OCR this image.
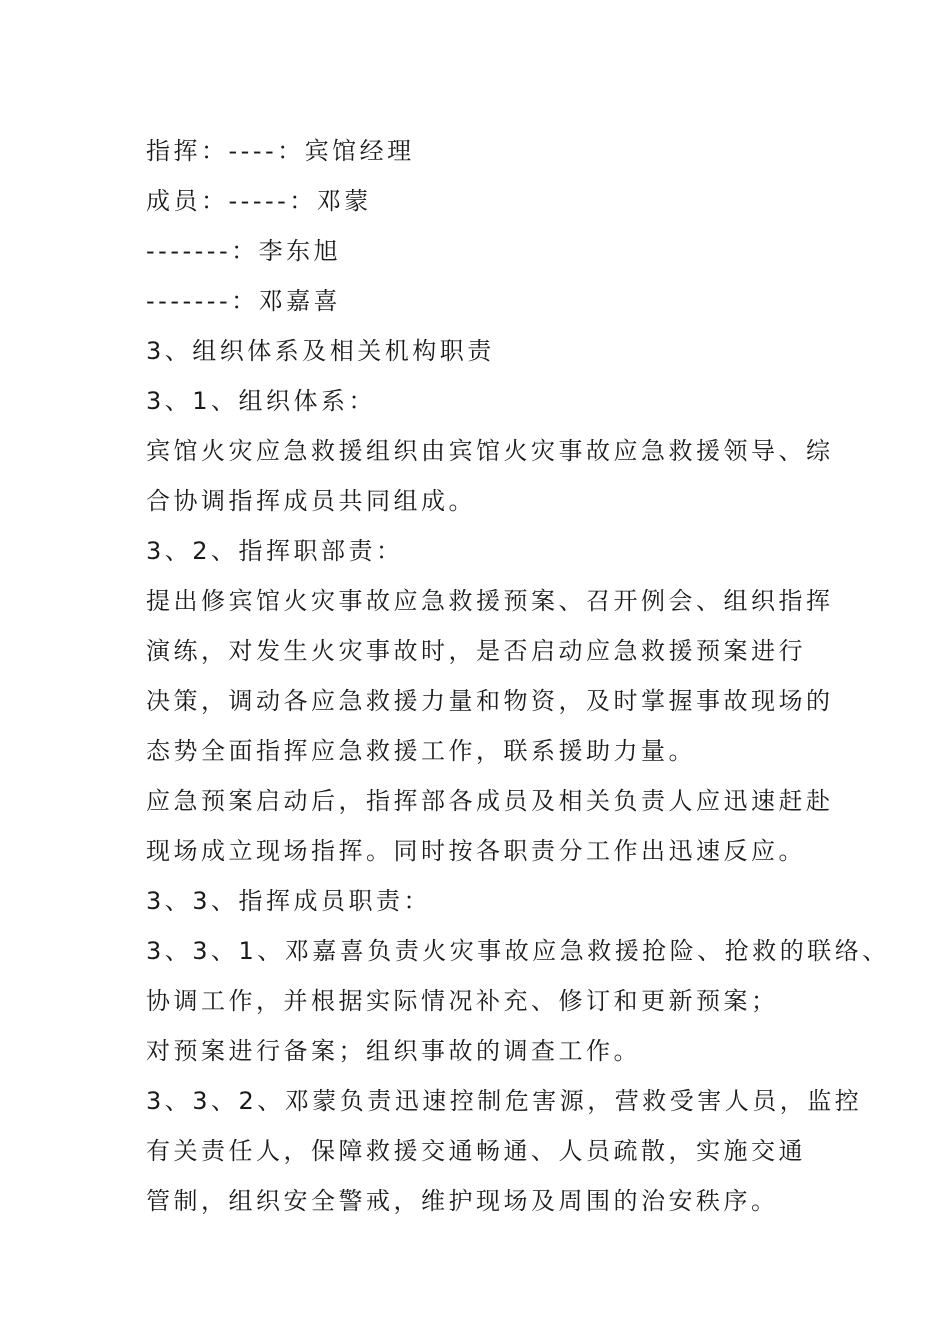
指挥：----：宾馆经理
成员：-----：邓蒙
-------：李东旭
-------：邓嘉喜
3、组织体系及相关机构职责
3、1、组织体系：
宾馆火灾应急救援组织由宾馆火灾事故应急救援领导、综
合协调指挥成员共同组成。
3、2、指挥职部责：
提出修宾馆火灾事故应急救援预案、召开例会、组织指挥
演练，对发生火灾事故时，是否启动应急救援预案进行
决策，调动各应急救援力量和物资，及时掌握事故现场的
态势全面指挥应急救援工作，联系援助力量。
应急预案启动后，指挥部各成员及相关负责人应迅速赶赴
现场成立现场指挥。同时按各职责分工作出迅速反应。
3、3、指挥成员职责：
3、3、1、邓嘉喜负责火灾事故应急救援抢险、抢救的联络、
协调工作，并根据实际情况补充、修订和更新预案；
对预案进行备案；组织事故的调查工作。
3、3、2、邓蒙负责迅速控制危害源，营救受害人员，监控
有关责任人，保障救援交通畅通、人员疏散，实施交通
管制，组织安全警戒，维护现场及周围的治安秩序。
